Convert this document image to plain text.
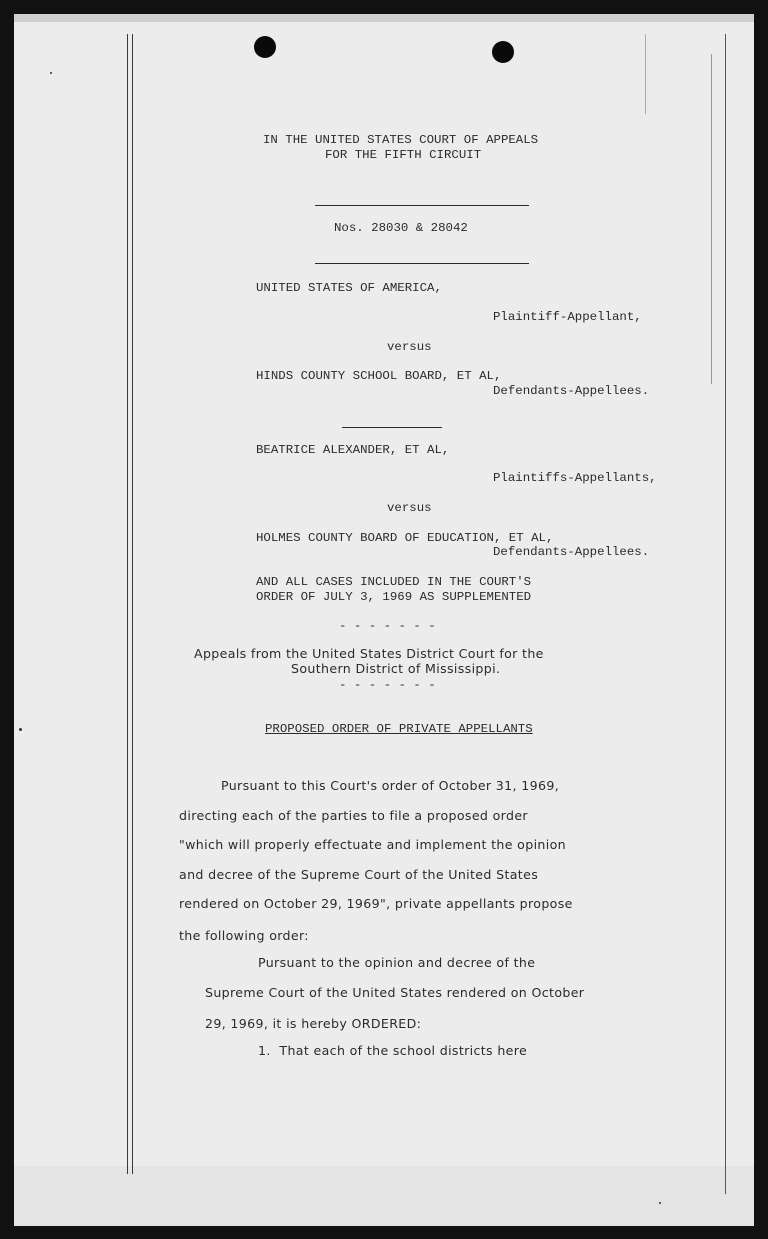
IN THE UNITED STATES COURT OF APPEALS
FOR THE FIFTH CIRCUIT
Nos. 28030 & 28042
UNITED STATES OF AMERICA,
Plaintiff-Appellant,
versus
HINDS COUNTY SCHOOL BOARD, ET AL,
Defendants-Appellees.
BEATRICE ALEXANDER, ET AL,
Plaintiffs-Appellants,
versus
HOLMES COUNTY BOARD OF EDUCATION, ET AL,
Defendants-Appellees.
AND ALL CASES INCLUDED IN THE COURT'S
ORDER OF JULY 3, 1969 AS SUPPLEMENTED
- - - - - - -
Appeals from the United States District Court for the
Southern District of Mississippi.
- - - - - - -
PROPOSED ORDER OF PRIVATE APPELLANTS
Pursuant to this Court's order of October 31, 1969,
directing each of the parties to file a proposed order
"which will properly effectuate and implement the opinion
and decree of the Supreme Court of the United States
rendered on October 29, 1969", private appellants propose
the following order:
Pursuant to the opinion and decree of the
Supreme Court of the United States rendered on October
29, 1969, it is hereby ORDERED:
1.  That each of the school districts here
